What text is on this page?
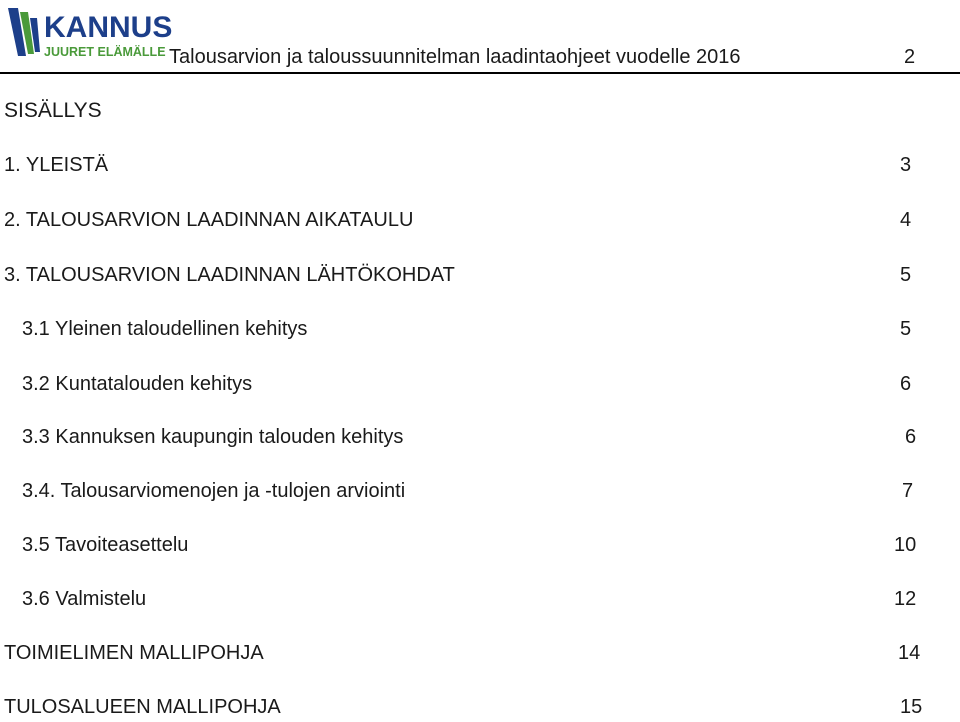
KANNUS
JUURET ELÄMÄLLE Talousarvion ja taloussuunnitelman laadintaohjeet vuodelle 2016	2
SISÄLLYS
1. YLEISTÄ	3
2. TALOUSARVION LAADINNAN AIKATAULU	4
3. TALOUSARVION LAADINNAN LÄHTÖKOHDAT	5
3.1 Yleinen taloudellinen kehitys	5
3.2 Kuntatalouden kehitys	6
3.3 Kannuksen kaupungin talouden kehitys	6
3.4. Talousarviomenojen ja -tulojen arviointi	7
3.5 Tavoiteasettelu	10
3.6 Valmistelu	12
TOIMIELIMEN MALLIPOHJA	14
TULOSALUEEN MALLIPOHJA	15
